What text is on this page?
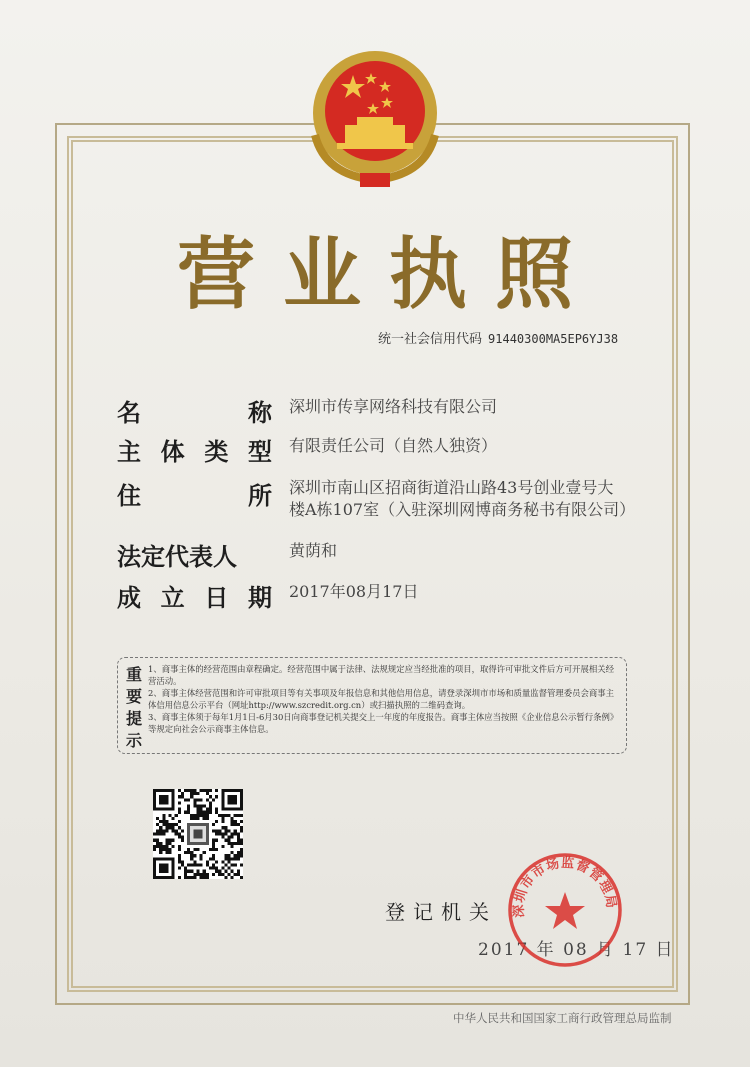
营业执照
统一社会信用代码 91440300MA5EP6YJ38
名	称 深圳市传享网络科技有限公司
主 体 类 型 有限责任公司（自然人独资）
住	所 深圳市南山区招商街道沿山路43号创业壹号大楼A栋107室（入驻深圳网博商务秘书有限公司）
法定代表人	黄荫和
成 立 日 期 2017年08月17日
重要提示
1、商事主体的经营范围由章程确定。经营范围中属于法律、法规规定应当经批准的项目，取得许可审批文件后方可开展相关经营活动。
2、商事主体经营范围和许可审批项目等有关事项及年报信息和其他信用信息，请登录深圳市市场和质量监督管理委员会商事主体信用信息公示平台（网址http://www.szcredit.org.cn）或扫描执照的二维码查询。
3、商事主体须于每年1月1日-6月30日向商事登记机关提交上一年度的年度报告。商事主体应当按照《企业信息公示暂行条例》等规定向社会公示商事主体信息。
登记机关
2017 年 08 月 17 日
深圳市市场监督管理局
中华人民共和国国家工商行政管理总局监制
